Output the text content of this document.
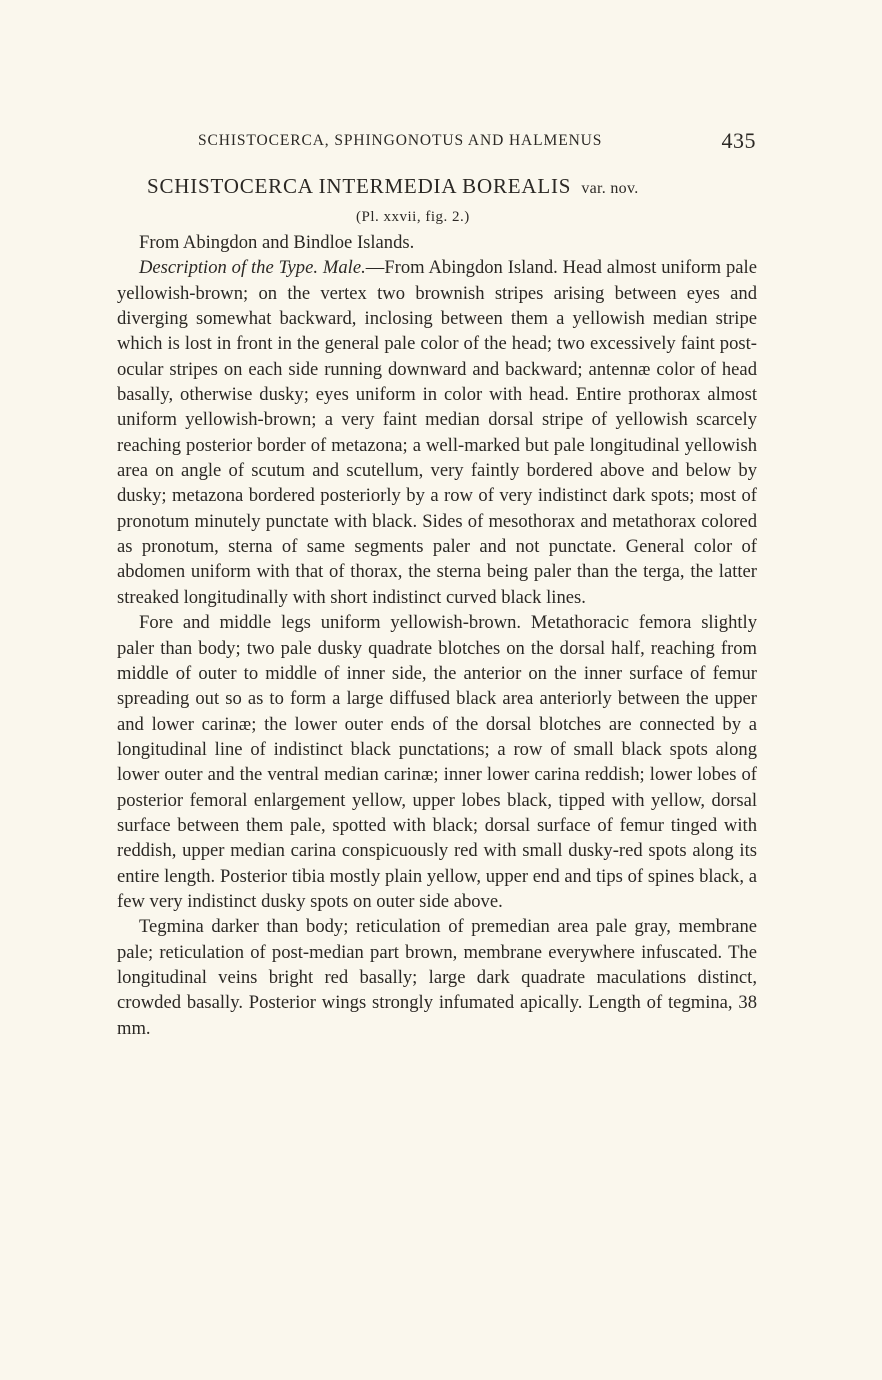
SCHISTOCERCA, SPHINGONOTUS AND HALMENUS	435
SCHISTOCERCA INTERMEDIA BOREALIS var. nov.
(Pl. xxvii, fig. 2.)

From Abingdon and Bindloe Islands.

Description of the Type. Male.—From Abingdon Island. Head almost uniform pale yellowish-brown; on the vertex two brownish stripes arising between eyes and diverging somewhat backward, inclosing between them a yellowish median stripe which is lost in front in the general pale color of the head; two excessively faint post-ocular stripes on each side running downward and backward; antennæ color of head basally, otherwise dusky; eyes uniform in color with head. Entire prothorax almost uniform yellowish-brown; a very faint median dorsal stripe of yellowish scarcely reaching posterior border of metazona; a well-marked but pale longitudinal yellowish area on angle of scutum and scutellum, very faintly bordered above and below by dusky; metazona bordered posteriorly by a row of very indistinct dark spots; most of pronotum minutely punctate with black. Sides of mesothorax and metathorax colored as pronotum, sterna of same segments paler and not punctate. General color of abdomen uniform with that of thorax, the sterna being paler than the terga, the latter streaked longitudinally with short indistinct curved black lines.

Fore and middle legs uniform yellowish-brown. Metathoracic femora slightly paler than body; two pale dusky quadrate blotches on the dorsal half, reaching from middle of outer to middle of inner side, the anterior on the inner surface of femur spreading out so as to form a large diffused black area anteriorly between the upper and lower carinæ; the lower outer ends of the dorsal blotches are connected by a longitudinal line of indistinct black punctations; a row of small black spots along lower outer and the ventral median carinæ; inner lower carina reddish; lower lobes of posterior femoral enlargement yellow, upper lobes black, tipped with yellow, dorsal surface between them pale, spotted with black; dorsal surface of femur tinged with reddish, upper median carina conspicuously red with small dusky-red spots along its entire length. Posterior tibia mostly plain yellow, upper end and tips of spines black, a few very indistinct dusky spots on outer side above.

Tegmina darker than body; reticulation of premedian area pale gray, membrane pale; reticulation of post-median part brown, membrane everywhere infuscated. The longitudinal veins bright red basally; large dark quadrate maculations distinct, crowded basally. Posterior wings strongly infumated apically. Length of tegmina, 38 mm.
